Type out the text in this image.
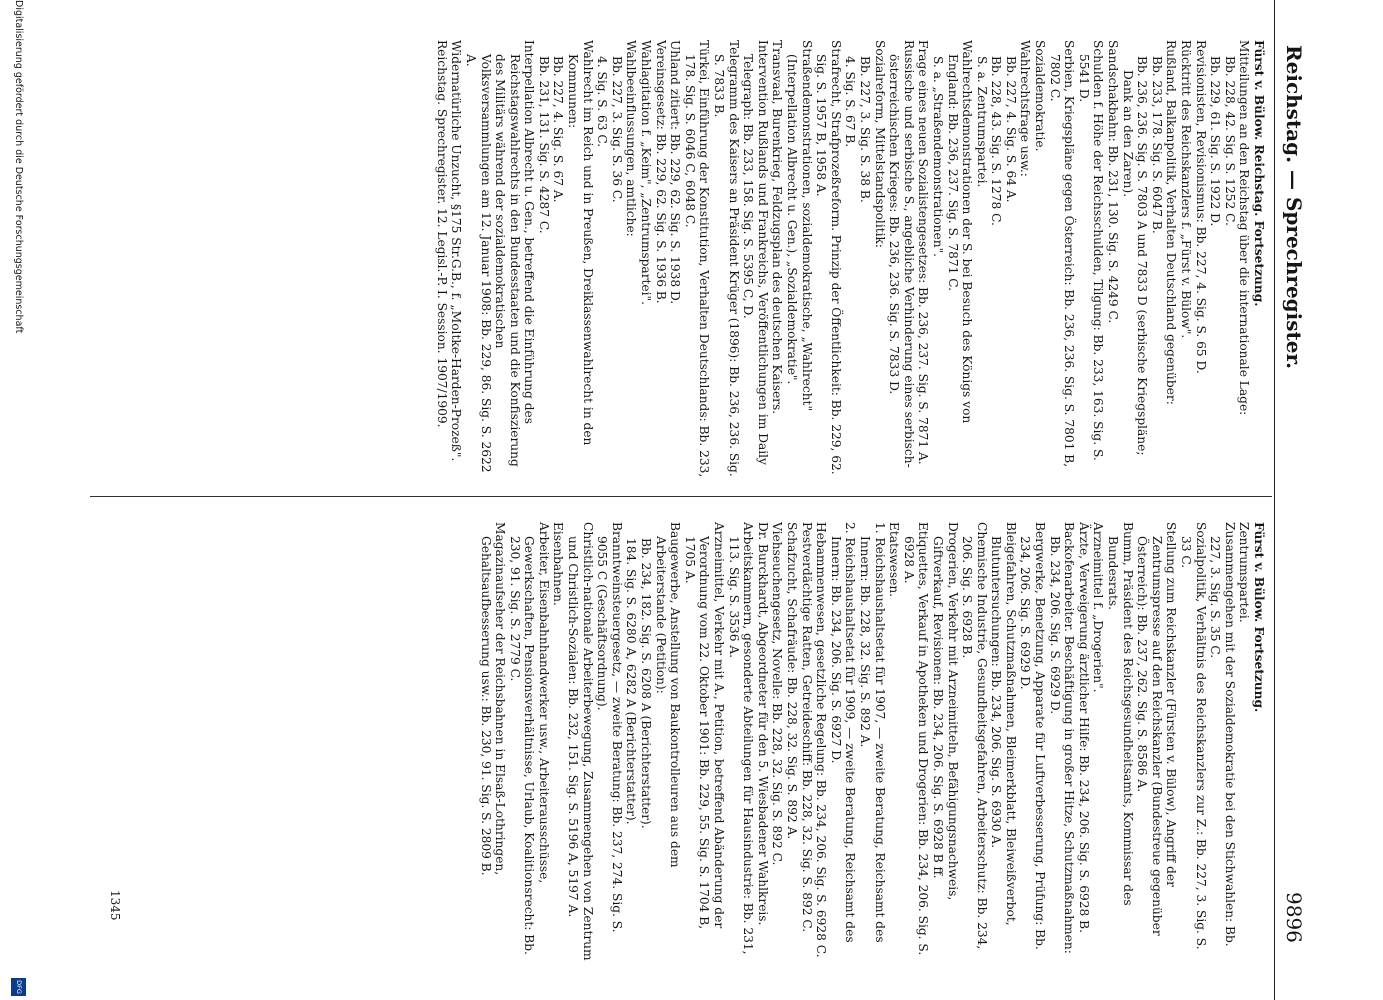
Reichstag. — Sprechregister.
9896
Fürst v. Bülow. Reichstag. Fortsetzung.
Mitteilungen an den Reichstag über die internationale Lage:
Bb. 228, 42. Sig. S. 1252 C.
Bb. 229, 61. Sig. S. 1922 D.
Revisionisten, Revisionismus: Bb. 227, 4. Sig. S. 65 D.
Rücktritt des Reichskanzlers f. „Fürst v. Bülow".
Rußland, Balkanpolitik, Verhalten Deutschland gegenüber:
Bb. 233, 178. Sig. S. 6047 B.
Bb. 236, 236. Sig. S. 7803 A und 7833 D (serbische Kriegspläne; Dank an den Zaren).
Sandschakbahn: Bb. 231, 130. Sig. S. 4249 C.
Schulden f. Höhe der Reichsschulden, Tilgung: Bb. 233, 163. Sig. S. 5541 D.
Serbien, Kriegspläne gegen Österreich: Bb. 236, 236. Sig. S. 7801 B, 7802 C.
Sozialdemokratie.
Wahlrechtsfrage usw.:
Bb. 227, 4. Sig. S. 64 A.
Bb. 228, 43. Sig. S. 1278 C.
S. a. Zentrumspartei.
Wahlrechtsdemonstrationen der S. bei Besuch des Königs von England: Bb. 236, 237. Sig. S. 7871 C.
S. a. „Straßendemonstrationen".
Frage eines neuen Sozialistengesetzes: Bb. 236, 237. Sig. S. 7871 A.
Russische und serbische S., angebliche Verhinderung eines serbisch-österreichischen Krieges: Bb. 236, 236. Sig. S. 7833 D.
Sozialreform, Mittelstandspolitik:
Bb. 227, 3. Sig. S. 38 B.
4. Sig. S. 67 B.
Strafrecht, Strafprozeßreform. Prinzip der Öffentlichkeit: Bb. 229, 62. Sig. S. 1957 B, 1958 A.
Straßendemonstrationen, sozialdemokratische, „Wahlrecht" (Interpellation Albrecht u. Gen.), „Sozialdemokratie".
Transvaal, Burenkrieg, Feldzugsplan des deutschen Kaisers.
Intervention Rußlands und Frankreichs, Veröffentlichungen im Daily Telegraph: Bb. 233, 158. Sig. S. 5395 C, D.
Telegramm des Kaisers an Präsident Krüger (1896): Bb. 236, 236. Sig. S. 7833 B.
Türkei, Einführung der Konstitution, Verhalten Deutschlands: Bb. 233, 178. Sig. S. 6046 C, 6048 C.
Uhland zitiert: Bb. 229, 62. Sig. S. 1938 D.
Vereinsgesetz: Bb. 229, 62. Sig. S. 1936 B.
Wahlagitation f. „Keim", „Zentrumspartei".
Wahlbeeinflussungen, amtliche:
Bb. 227, 3. Sig. S. 36 C.
4. Sig. S. 63 C.
Wahlrecht im Reich und in Preußen, Dreiklassenwahlrecht in den Kommunen:
Bb. 227, 4. Sig. S. 67 A.
Bb. 231, 131. Sig. S. 4287 C.
Interpellation Albrecht u. Gen., betreffend die Einführung des Reichstagswahlrechts in den Bundesstaaten und die Konfiszierung des Militärs während der sozialdemokratischen Volksversammlungen am 12. Januar 1908: Bb. 229, 86. Sig. S. 2622 A.
Widernatürliche Unzucht, §175 Str.G.B., f. „Moltke-Harden-Prozeß".
Reichstag. Sprechregister. 12. Legisl.-P. I. Session. 1907/1909.
Fürst v. Bülow. Fortsetzung.
Zentrumspartei.
Zusammengehen mit der Sozialdemokratie bei den Stichwahlen: Bb. 227, 3. Sig. S. 35 C.
Sozialpolitik, Verhältnis des Reichskanzlers zur Z.: Bb. 227, 3. Sig. S. 33 C.
Stellung zum Reichskanzler (Fürsten v. Bülow), Angriff der Zentrumspresse auf den Reichskanzler (Bundestreue gegenüber Österreich): Bb. 237, 262. Sig. S. 8586 A.
Bumm, Präsident des Reichsgesundheitsamts, Kommissar des Bundesrats.
Arzneimittel f. „Drogerien".
Ärzte, Verweigerung ärztlicher Hilfe: Bb. 234, 206. Sig. S. 6928 B.
Backofenarbeiter. Beschäftigung in großer Hitze, Schutzmaßnahmen: Bb. 234, 206. Sig. S. 6929 D.
Bergwerke, Benetzung, Apparate für Luftverbesserung, Prüfung: Bb. 234, 206. Sig. S. 6929 D.
Bleigefahren, Schutzmaßnahmen, Bleimerkblatt, Bleiweißverbot, Blutuntersuchungen: Bb. 234, 206. Sig. S. 6930 A.
Chemische Industrie, Gesundheitsgefahren, Arbeiterschutz: Bb. 234, 206. Sig. S. 6928 B.
Drogerien, Verkehr mit Arzneimitteln, Befähigungsnachweis, Giftverkauf, Revisionen: Bb. 234, 206. Sig. S. 6928 B ff.
Etiquettes, Verkauf in Apotheken und Drogerien: Bb. 234, 206. Sig. S. 6928 A.
Etatswesen.
1. Reichshaushaltsetat für 1907, — zweite Beratung, Reichsamt des Innern: Bb. 228, 32. Sig. S. 892 A.
2. Reichshaushaltsetat für 1909, — zweite Beratung, Reichsamt des Innern: Bb. 234, 206. Sig. S. 6927 D.
Hebammenwesen, gesetzliche Regelung: Bb. 234, 206. Sig. S. 6928 C.
Pestverdächtige Ratten, Getreideschiff: Bb. 228, 32. Sig. S. 892 C.
Schafzucht, Schafräude: Bb. 228, 32. Sig. S. 892 A.
Viehseuchengesetz, Novelle: Bb. 228, 32. Sig. S. 892 C.
Dr. Burckhardt, Abgeordneter für den 5. Wiesbadener Wahlkreis.
Arbeitskammern, gesonderte Abteilungen für Hausindustrie: Bb. 231, 113. Sig. S. 3536 A.
Arzneimittel, Verkehr mit A., Petition, betreffend Abänderung der Verordnung vom 22. Oktober 1901: Bb. 229, 55. Sig. S. 1704 B, 1705 A.
Baugewerbe, Anstellung von Baukontrolleuren aus dem Arbeiterstande (Petition):
Bb. 234, 182. Sig. S. 6208 A (Berichterstatter).
184. Sig. S. 6280 A, 6282 A (Berichterstatter).
Branntweinsteuergesetz, — zweite Beratung: Bb. 237, 274. Sig. S. 9055 C (Geschäftsordnung).
Christlich-nationale Arbeiterbewegung, Zusammengehen von Zentrum und Christlich-Sozialen: Bb. 232, 151. Sig. S. 5196 A, 5197 A.
Eisenbahnen.
Arbeiter, Eisenbahnhandwerker usw., Arbeiterausschüsse, Gewerkschaften, Pensionsverhältnisse, Urlaub, Koalitionsrecht: Bb. 230, 91. Sig. S. 2779 C.
Magazinaufseher der Reichsbahnen in Elsaß-Lothringen, Gehaltsaufbesserung usw.: Bb. 230, 91. Sig. S. 2809 B.
1345
Digitalisierung gefördert durch die Deutsche Forschungsgemeinschaft
DFG
